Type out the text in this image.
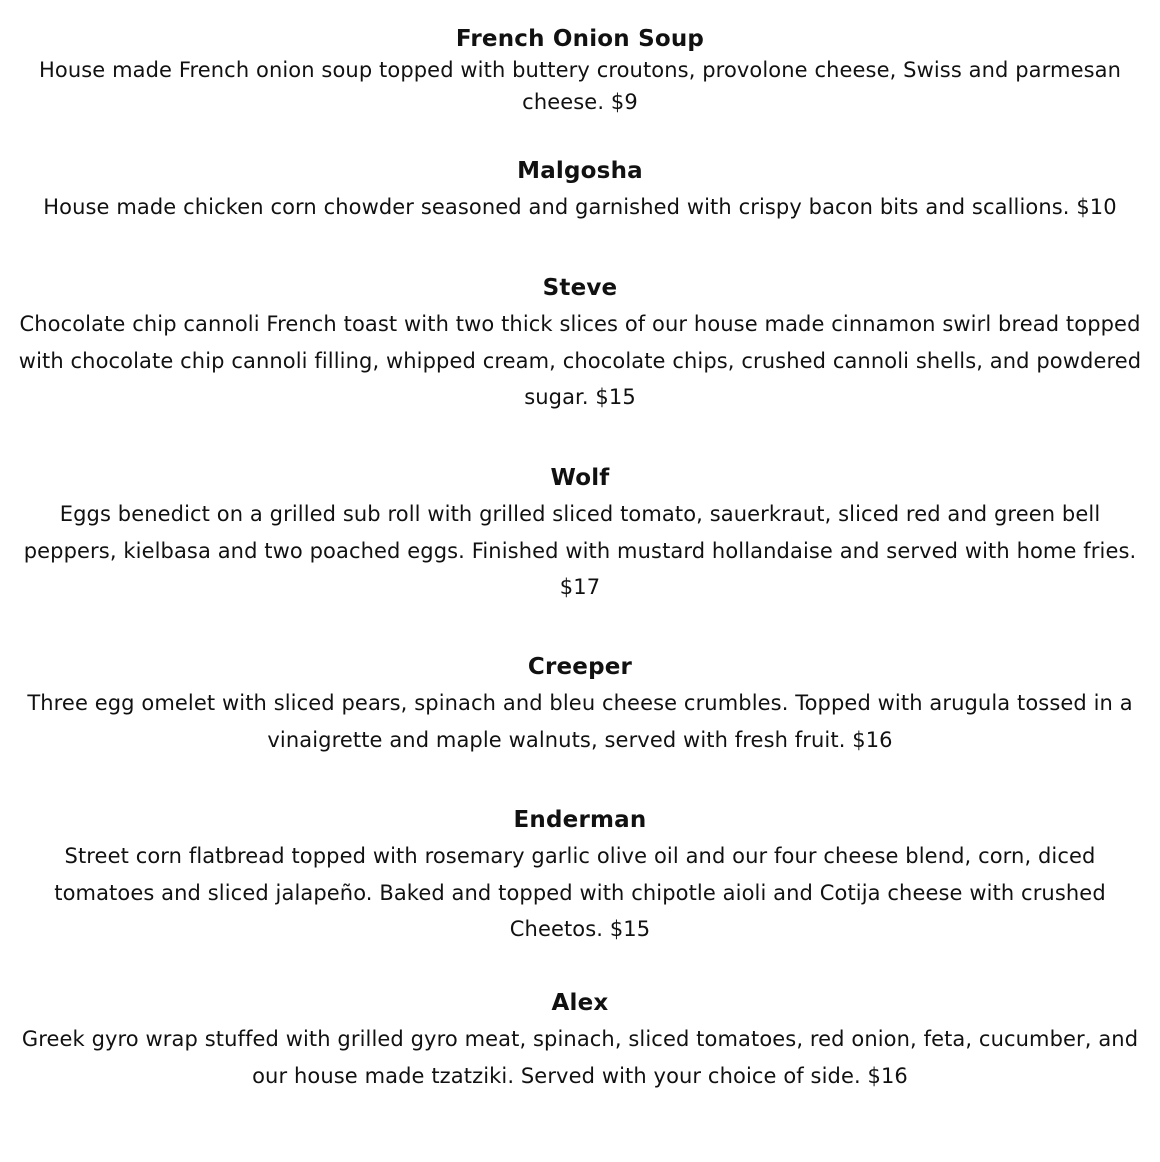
French Onion Soup

House made French onion soup topped with buttery croutons, provolone cheese, Swiss and parmesan cheese. $9

Malgosha

House made chicken corn chowder seasoned and garnished with crispy bacon bits and scallions. $10

Steve

Chocolate chip cannoli French toast with two thick slices of our house made cinnamon swirl bread topped with chocolate chip cannoli filling, whipped cream, chocolate chips, crushed cannoli shells, and powdered sugar. $15

Wolf

Eggs benedict on a grilled sub roll with grilled sliced tomato, sauerkraut, sliced red and green bell peppers, kielbasa and two poached eggs. Finished with mustard hollandaise and served with home fries. $17

Creeper

Three egg omelet with sliced pears, spinach and bleu cheese crumbles. Topped with arugula tossed in a vinaigrette and maple walnuts, served with fresh fruit. $16

Enderman

Street corn flatbread topped with rosemary garlic olive oil and our four cheese blend, corn, diced tomatoes and sliced jalapeño. Baked and topped with chipotle aioli and Cotija cheese with crushed Cheetos. $15

Alex

Greek gyro wrap stuffed with grilled gyro meat, spinach, sliced tomatoes, red onion, feta, cucumber, and our house made tzatziki. Served with your choice of side. $16
